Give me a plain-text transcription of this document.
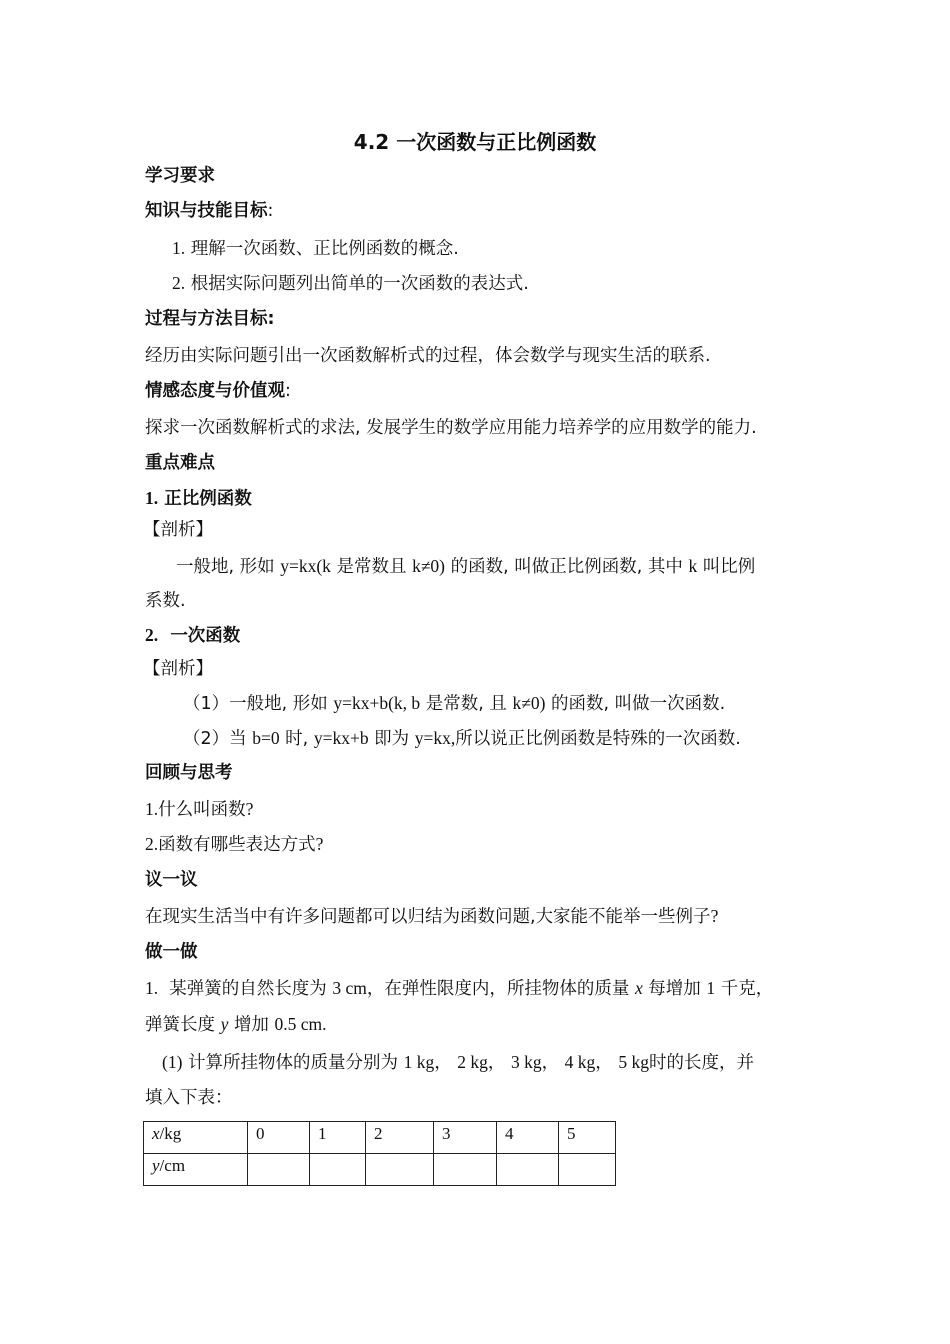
4.2 一次函数与正比例函数
学习要求
知识与技能目标:
1. 理解一次函数、正比例函数的概念.
2. 根据实际问题列出简单的一次函数的表达式.
过程与方法目标:
经历由实际问题引出一次函数解析式的过程，体会数学与现实生活的联系.
情感态度与价值观:
探求一次函数解析式的求法, 发展学生的数学应用能力培养学的应用数学的能力.
重点难点
1. 正比例函数
【剖析】
一般地, 形如 y=kx(k 是常数且 k≠0) 的函数, 叫做正比例函数, 其中 k 叫比例
系数.
2. 一次函数
【剖析】
（1）一般地, 形如 y=kx+b(k, b 是常数, 且 k≠0) 的函数, 叫做一次函数.
（2）当 b=0 时, y=kx+b 即为 y=kx,所以说正比例函数是特殊的一次函数.
回顾与思考
1.什么叫函数?
2.函数有哪些表达方式?
议一议
在现实生活当中有许多问题都可以归结为函数问题,大家能不能举一些例子?
做一做
1. 某弹簧的自然长度为 3 cm，在弹性限度内，所挂物体的质量 x 每增加 1 千克，
弹簧长度 y 增加 0.5 cm.
(1) 计算所挂物体的质量分别为 1 kg， 2 kg， 3 kg， 4 kg， 5 kg时的长度，并
填入下表：
x/kg	0	1	2	3	4	5
y/cm						
